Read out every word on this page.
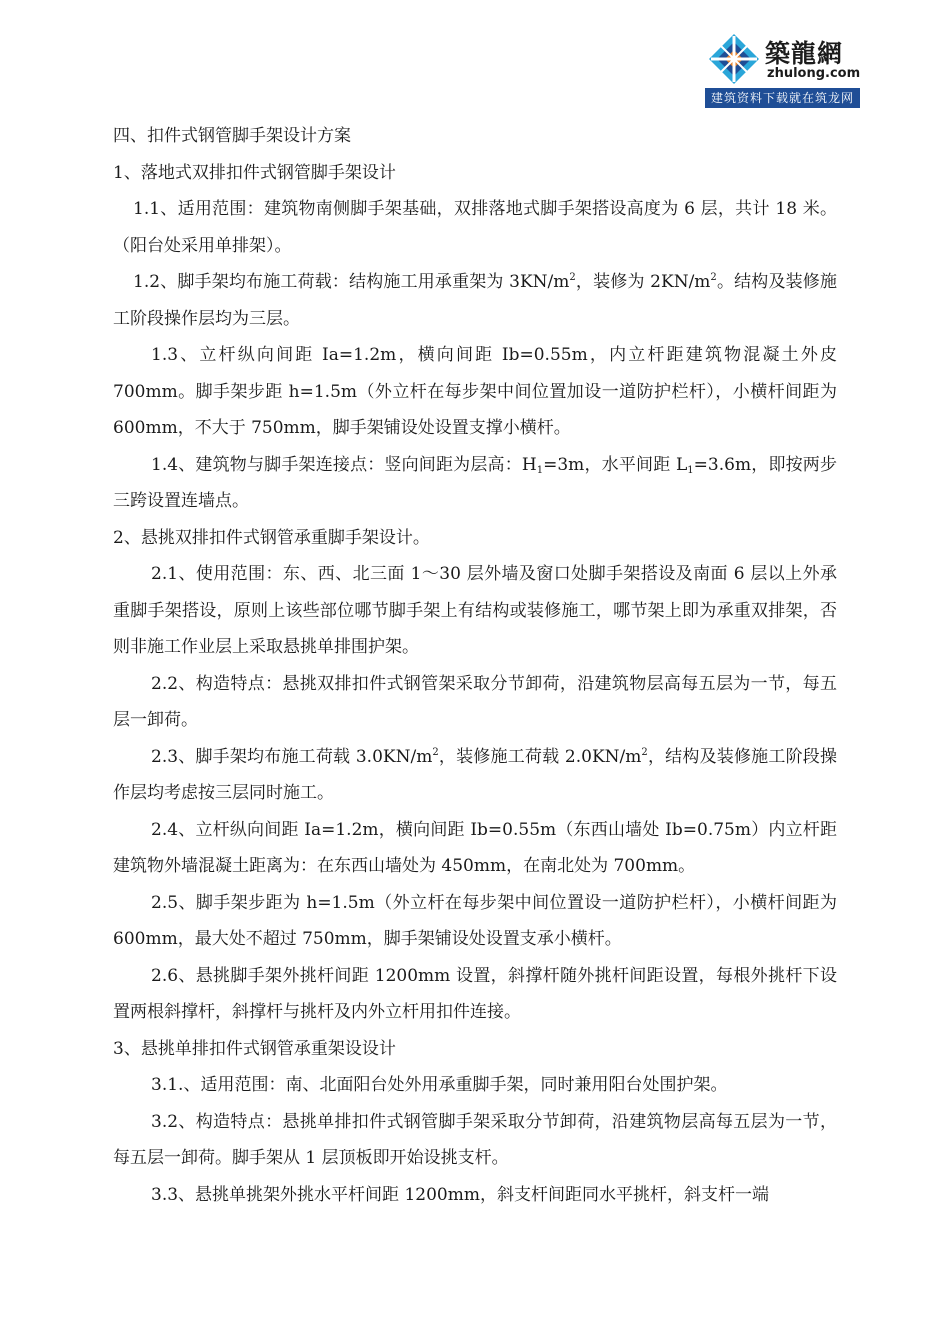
築龍網
zhulong.com
建筑资料下载就在筑龙网

四、扣件式钢管脚手架设计方案

1、落地式双排扣件式钢管脚手架设计

1.1、适用范围：建筑物南侧脚手架基础，双排落地式脚手架搭设高度为 6 层，共计 18 米。（阳台处采用单排架）。

1.2、脚手架均布施工荷载：结构施工用承重架为 $3KN/m^2$，装修为 $2KN/m^2$。结构及装修施工阶段操作层均为三层。

1.3、立杆纵向间距 Ia=1.2m，横向间距 Ib=0.55m，内立杆距建筑物混凝土外皮 700mm。脚手架步距 h=1.5m（外立杆在每步架中间位置加设一道防护栏杆），小横杆间距为 600mm，不大于 750mm，脚手架铺设处设置支撑小横杆。

1.4、建筑物与脚手架连接点：竖向间距为层高：$H_1=3m$，水平间距 $L_1=3.6m$，即按两步三跨设置连墙点。

2、悬挑双排扣件式钢管承重脚手架设计。

2.1、使用范围：东、西、北三面 1～30 层外墙及窗口处脚手架搭设及南面 6 层以上外承重脚手架搭设，原则上该些部位哪节脚手架上有结构或装修施工，哪节架上即为承重双排架，否则非施工作业层上采取悬挑单排围护架。

2.2、构造特点：悬挑双排扣件式钢管架采取分节卸荷，沿建筑物层高每五层为一节，每五层一卸荷。

2.3、脚手架均布施工荷载 $3.0KN/m^2$，装修施工荷载 $2.0KN/m^2$，结构及装修施工阶段操作层均考虑按三层同时施工。

2.4、立杆纵向间距 Ia=1.2m，横向间距 Ib=0.55m（东西山墙处 Ib=0.75m）内立杆距建筑物外墙混凝土距离为：在东西山墙处为 450mm，在南北处为 700mm。

2.5、脚手架步距为 h=1.5m（外立杆在每步架中间位置设一道防护栏杆），小横杆间距为 600mm，最大处不超过 750mm，脚手架铺设处设置支承小横杆。

2.6、悬挑脚手架外挑杆间距 1200mm 设置，斜撑杆随外挑杆间距设置，每根外挑杆下设置两根斜撑杆，斜撑杆与挑杆及内外立杆用扣件连接。

3、悬挑单排扣件式钢管承重架设设计

3.1.、适用范围：南、北面阳台处外用承重脚手架，同时兼用阳台处围护架。

3.2、构造特点：悬挑单排扣件式钢管脚手架采取分节卸荷，沿建筑物层高每五层为一节，每五层一卸荷。脚手架从 1 层顶板即开始设挑支杆。

3.3、悬挑单挑架外挑水平杆间距 1200mm，斜支杆间距同水平挑杆，斜支杆一端
